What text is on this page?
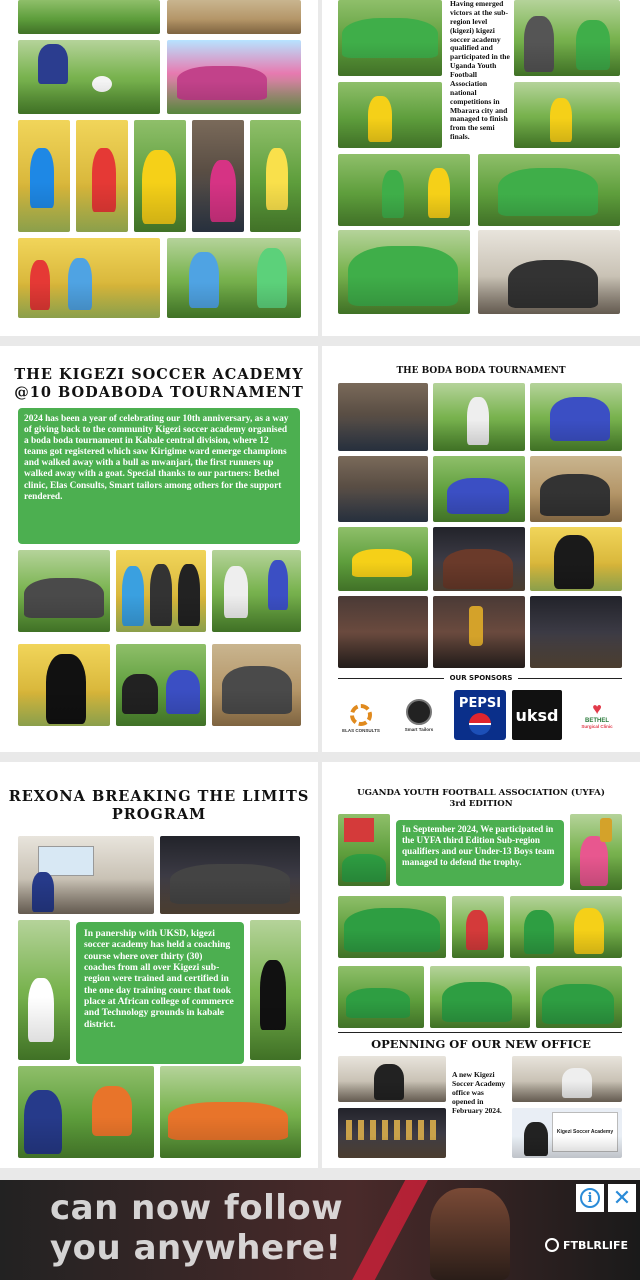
Having emerged victors at the sub-region level (kigezi) kigezi soccer academy qualified and participated in the Uganda Youth Football Association national competitions in Mbarara city and managed to finish from the semi finals.
THE KIGEZI SOCCER ACADEMY
@10 BODABODA TOURNAMENT
2024 has been a year of celebrating our 10th anniversary, as a way of giving back to the community Kigezi soccer academy organised a boda boda tournament in Kabale central division, where 12 teams got registered which saw Kirigime ward emerge champions and walked away with a bull as mwanjari, the first runners up walked away with a goat. Special thanks to our partners: Bethel clinic, Elas Consults, Smart tailors among others for the support rendered.
THE BODA BODA TOURNAMENT
OUR SPONSORS
ELAS CONSULTS	Smart Tailors
PEPSI
uksd ♥
BETHEL
Surgical Clinic
REXONA BREAKING THE LIMITS
PROGRAM
In panership with UKSD, kigezi soccer academy has held a coaching course where over thirty (30) coaches from all over Kigezi sub-region were trained and certified in the one day training courc that took place at African college of commerce and Technology grounds in kabale district.
UGANDA YOUTH FOOTBALL ASSOCIATION (UYFA)
3rd EDITION
In September 2024, We participated in the UYFA third Edition Sub-region qualifiers and our Under-13 Boys team managed to defend the trophy.
OPENNING OF OUR NEW OFFICE
A new Kigezi Soccer Academy office was opened in February 2024.
Kigezi Soccer Academy
can now follow
you anywhere!	FTBLRLIFE
i ✕
